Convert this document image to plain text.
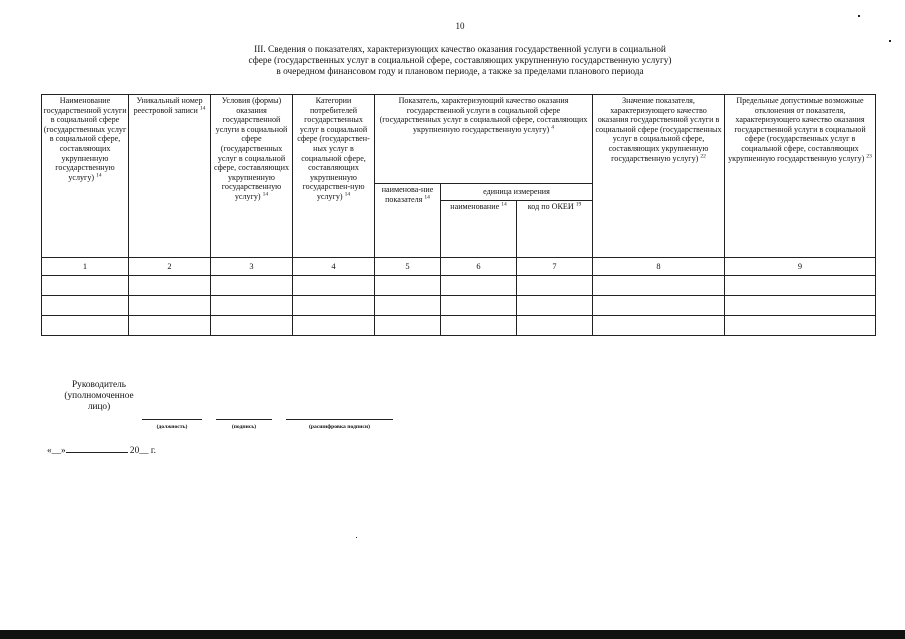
10
III. Сведения о показателях, характеризующих качество оказания государственной услуги в социальной
сфере (государственных услуг в социальной сфере, составляющих укрупненную государственную услугу)
в очередном финансовом году и плановом периоде, а также за пределами планового периода
Наименование государственной услуги в социальной сфере (государственных услуг в социальной сфере, составляющих укрупненную государственную услугу) $^{14}$	Уникальный номер реестровой записи $^{14}$	Условия (формы) оказания государственной услуги в социальной сфере (государственных услуг в социальной сфере, составляющих укрупненную государственную услугу) $^{14}$	Категории потребителей государственных услуг в социальной сфере (государствен-ных услуг в социальной сфере, составляющих укрупненную государствен-ную услугу) $^{14}$	Показатель, характеризующий качество оказания государственной услуги в социальной сфере (государственных услуг в социальной сфере, составляющих укрупненную государственную услугу) $^4$			Значение показателя, характеризующего качество оказания государственной услуги в социальной сфере (государственных услуг в социальной сфере, составляющих укрупненную государственную услугу) $^{22}$	Предельные допустимые возможные отклонения от показателя, характеризующего качество оказания государственной услуги в социальной сфере (государственных услуг в социальной сфере, составляющих укрупненную государственную услугу) $^{23}$
				наименова-ние показателя $^{14}$	единица измерения			
					наименование $^{14}$	код по ОКЕИ $^{19}$
1	2	3	4	5	6	7	8	9

Руководитель
(уполномоченное
лицо)
(должность)	(подпись)	(расшифровка подписи)
«__»	20__ г.
